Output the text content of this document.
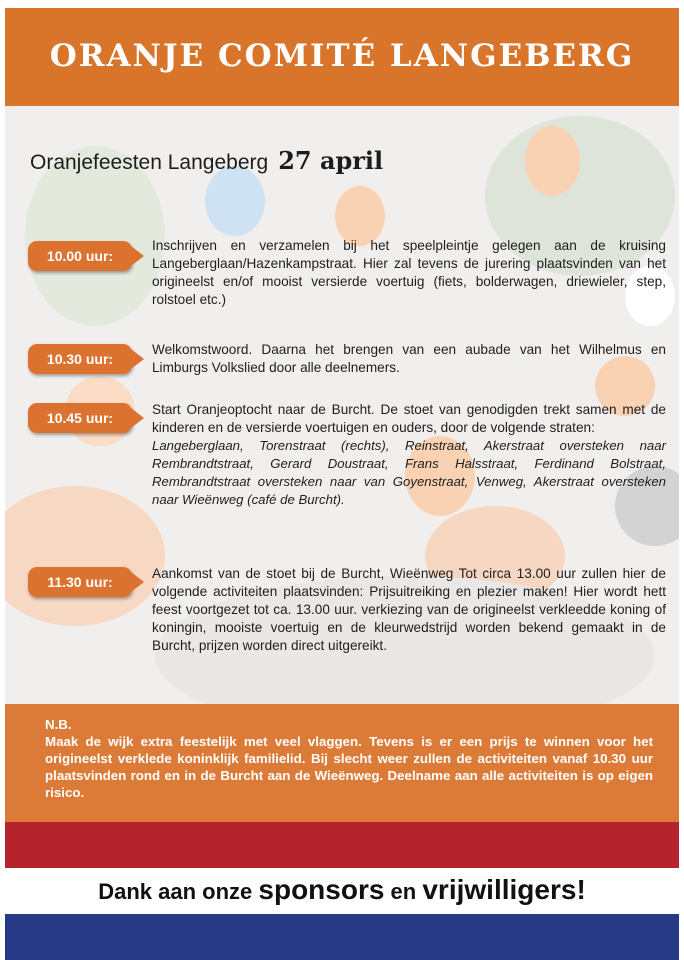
ORANJE COMITÉ LANGEBERG
Oranjefeesten Langeberg 27 april
10.00 uur:
Inschrijven en verzamelen bij het speelpleintje gelegen aan de kruising Langeberglaan/Hazenkampstraat. Hier zal tevens de jurering plaatsvinden van het origineelst en/of mooist versierde voertuig (fiets, bolderwagen, driewieler, step, rolstoel etc.)
10.30 uur:
Welkomstwoord. Daarna het brengen van een aubade van het Wilhelmus en Limburgs Volkslied door alle deelnemers.
10.45 uur:
Start Oranjeoptocht naar de Burcht. De stoet van genodigden trekt samen met de kinderen en de versierde voertuigen en ouders, door de volgende straten:
Langeberglaan, Torenstraat (rechts), Reinstraat, Akerstraat oversteken naar Rembrandtstraat, Gerard Doustraat, Frans Halsstraat, Ferdinand Bolstraat, Rembrandtstraat oversteken naar van Goyenstraat, Venweg, Akerstraat oversteken naar Wieënweg (café de Burcht).
11.30 uur:
Aankomst van de stoet bij de Burcht, Wieënweg Tot circa 13.00 uur zullen hier de volgende activiteiten plaatsvinden: Prijsuitreiking en plezier maken! Hier wordt hett feest voortgezet tot ca. 13.00 uur. verkiezing van de origineelst verkleedde koning of koningin, mooiste voertuig en de kleurwedstrijd worden bekend gemaakt in de Burcht, prijzen worden direct uitgereikt.
N.B.
Maak de wijk extra feestelijk met veel vlaggen. Tevens is er een prijs te winnen voor het origineelst verklede koninklijk familielid. Bij slecht weer zullen de activiteiten vanaf 10.30 uur plaatsvinden rond en in de Burcht aan de Wieënweg. Deelname aan alle activiteiten is op eigen risico.
Dank aan onze sponsors en vrijwilligers!
